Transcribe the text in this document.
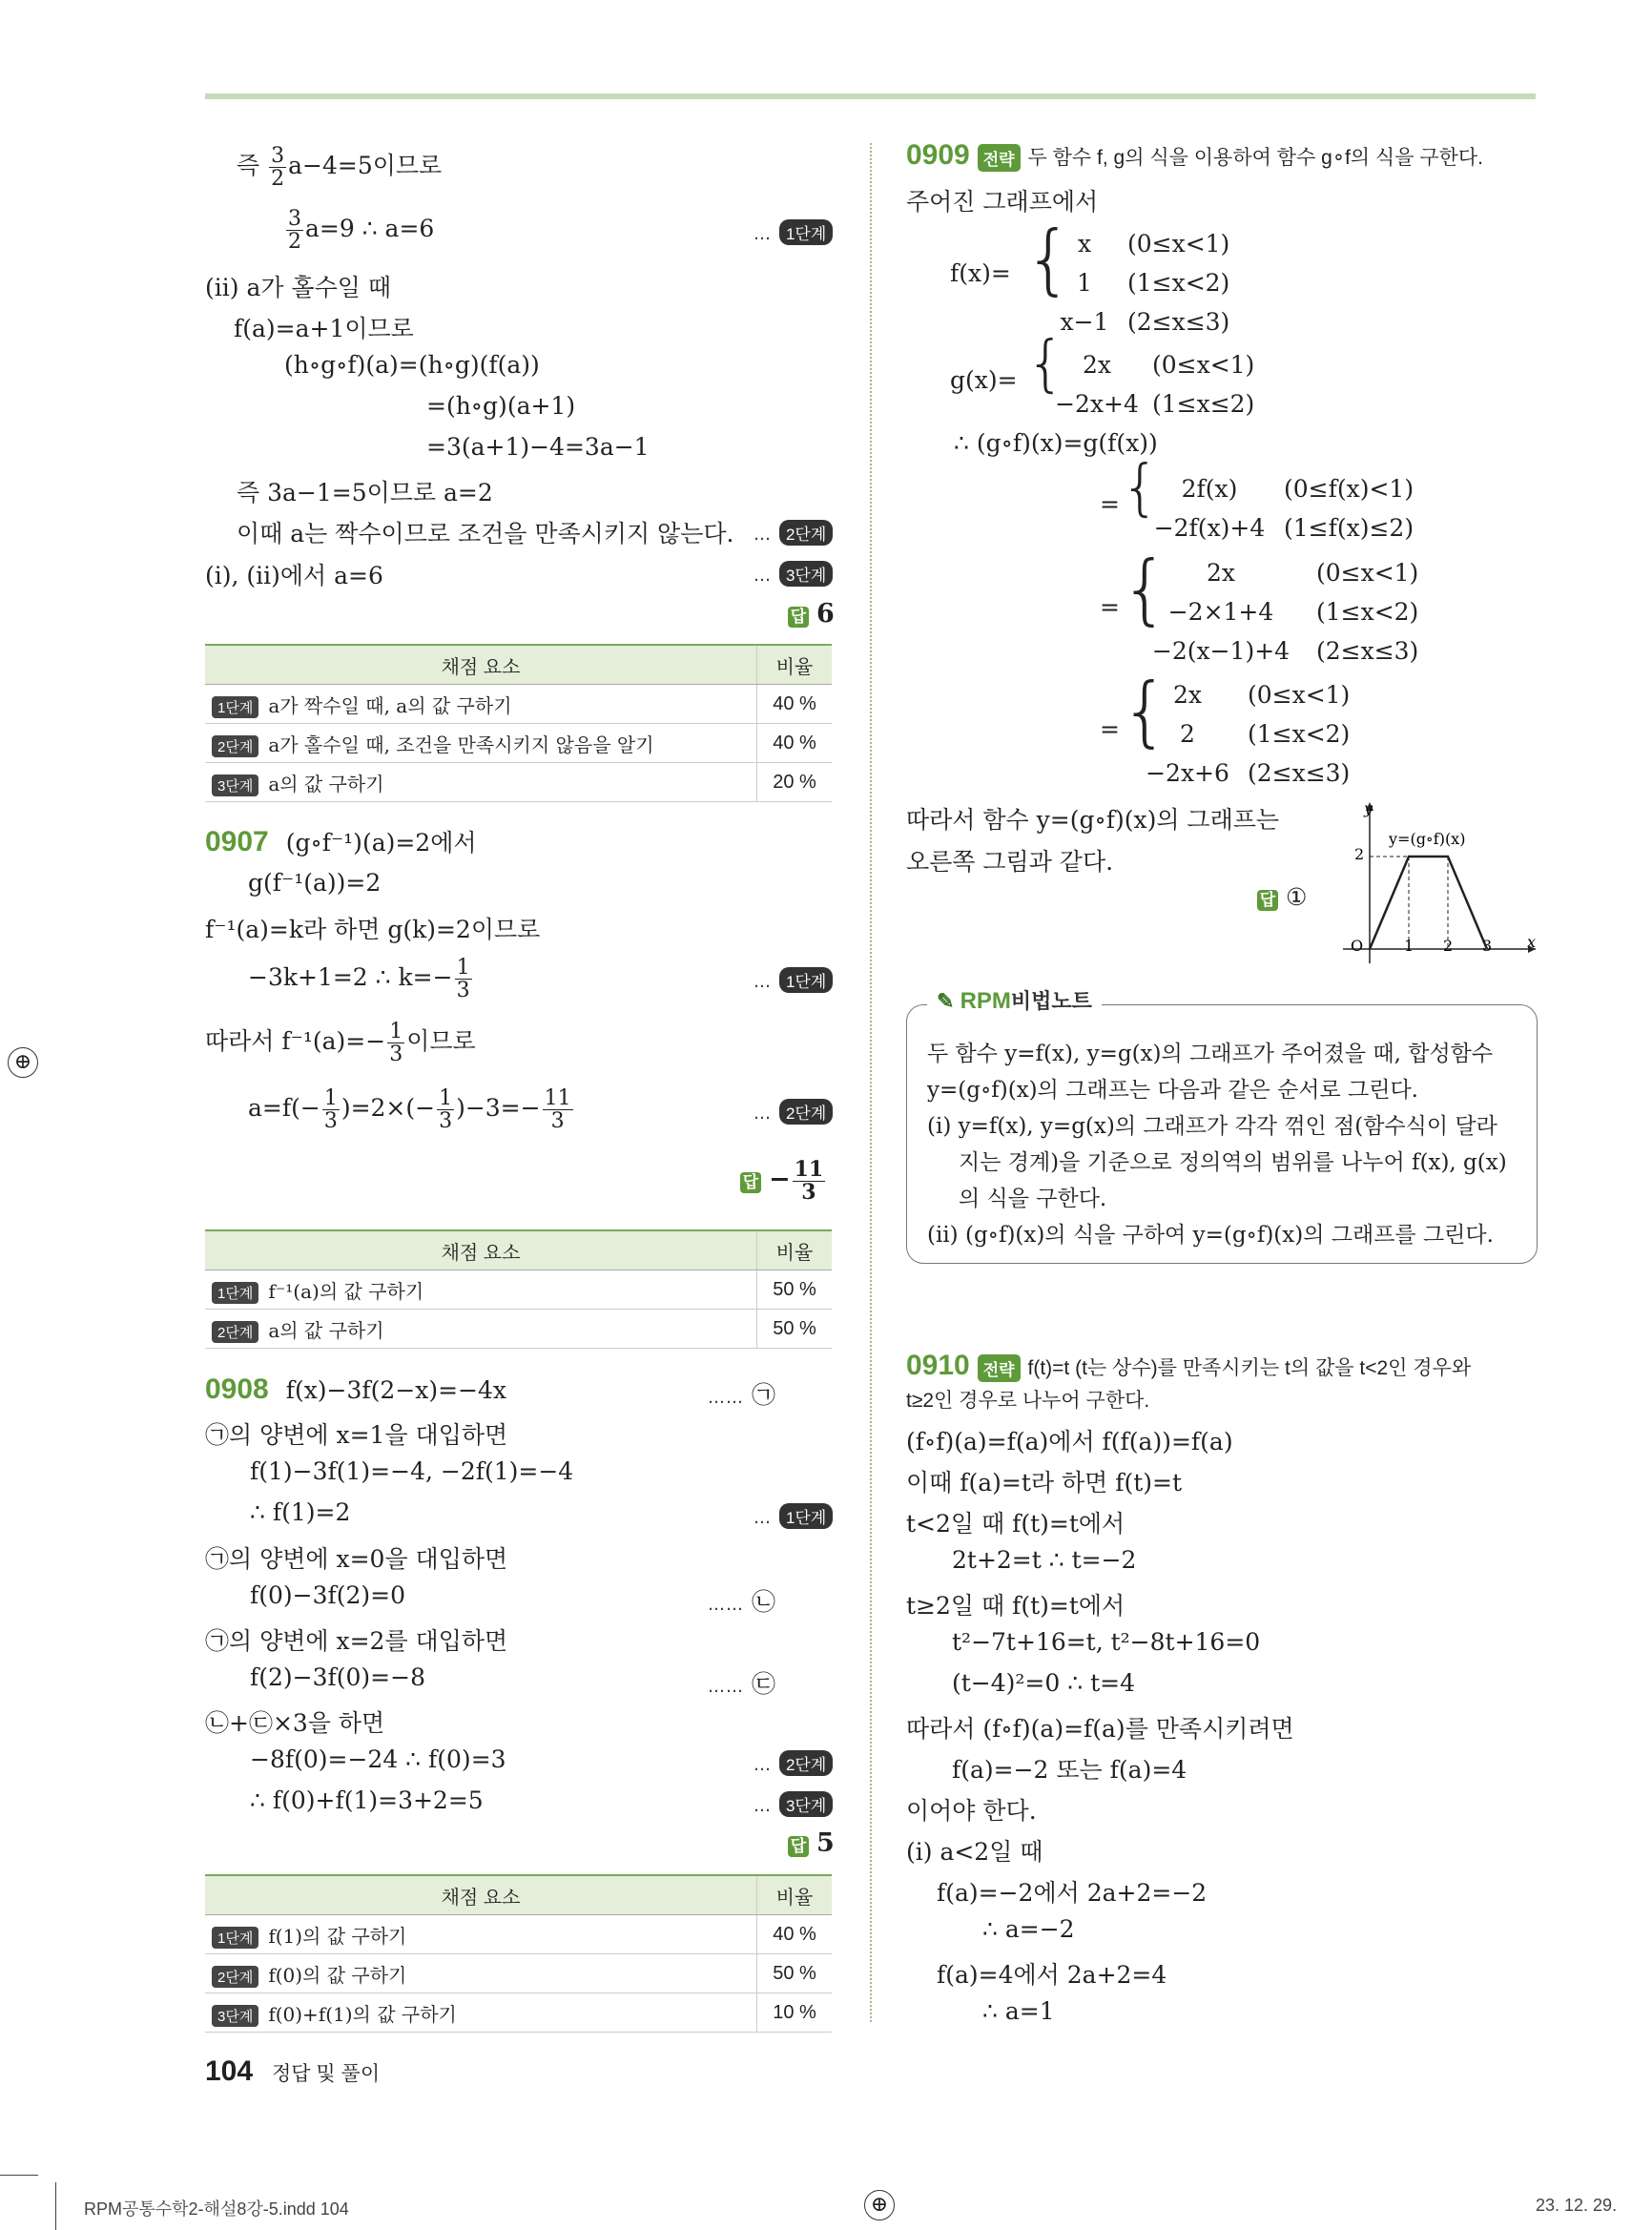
즉 $\frac{3}{2} a-4=5$이므로
$\frac{3}{2} a=9$ ∴ a=6	… 1단계
(ⅱ) a가 홀수일 때
f(a)=a+1이므로
(h∘g∘f)(a)=(h∘g)(f(a))
=(h∘g)(a+1)
=3(a+1)−4=3a−1
즉 3a−1=5이므로 a=2
이때 a는 짝수이므로 조건을 만족시키지 않는다. … 2단계
(ⅰ), (ⅱ)에서 a=6	… 3단계
답 6
채점 요소	비율
1단계 a가 짝수일 때, a의 값 구하기	40 %
2단계 a가 홀수일 때, 조건을 만족시키지 않음을 알기	40 %
3단계 a의 값 구하기	20 %
0907 (g∘f⁻¹)(a)=2에서
g(f⁻¹(a))=2
f⁻¹(a)=k라 하면 g(k)=2이므로
−3k+1=2 ∴ $k=- \frac{1}{3}$	… 1단계
따라서 $f^{-1}(a)=- \frac{1}{3}$ 이므로
$a=f(- \frac{1}{3} )=2\times(- \frac{1}{3} )-3=- \frac{11}{3}$	… 2단계
답 − $\frac{11}{3}$
채점 요소	비율
1단계 f⁻¹(a)의 값 구하기	50 %
2단계 a의 값 구하기	50 %
0908 f(x)−3f(2−x)=−4x	…… ㉠
㉠의 양변에 x=1을 대입하면
f(1)−3f(1)=−4, −2f(1)=−4
∴ f(1)=2	… 1단계
㉠의 양변에 x=0을 대입하면
f(0)−3f(2)=0	…… ㉡
㉠의 양변에 x=2를 대입하면
f(2)−3f(0)=−8	…… ㉢
㉡+㉢×3을 하면
−8f(0)=−24 ∴ f(0)=3	… 2단계
∴ f(0)+f(1)=3+2=5	… 3단계
답 5
채점 요소	비율
1단계 f(1)의 값 구하기	40 %
2단계 f(0)의 값 구하기	50 %
3단계 f(0)+f(1)의 값 구하기	10 %
0909 전략 두 함수 f, g의 식을 이용하여 함수 g∘f의 식을 구한다.
주어진 그래프에서
f(x)= { x (0≤x<1)
1 (1≤x<2)
x−1 (2≤x≤3)
g(x)= { 2x (0≤x<1)
−2x+4 (1≤x≤2)
∴ (g∘f)(x)=g(f(x))
= { 2f(x) (0≤f(x)<1)
−2f(x)+4 (1≤f(x)≤2)
= {	2x	(0≤x<1)
−2×1+4 (1≤x<2)
−2(x−1)+4 (2≤x≤3)
= { 2x (0≤x<1)
2 (1≤x<2)
−2x+6 (2≤x≤3)
따라서 함수 y=(g∘f)(x)의 그래프는
오른쪽 그림과 같다.
답 ①
y
x
2
O	1 2 3
y=(g∘f)(x)
✎ RPM비법노트
두 함수 y=f(x), y=g(x)의 그래프가 주어졌을 때, 합성함수
y=(g∘f)(x)의 그래프는 다음과 같은 순서로 그린다.
(ⅰ) y=f(x), y=g(x)의 그래프가 각각 꺾인 점(함수식이 달라
지는 경계)을 기준으로 정의역의 범위를 나누어 f(x), g(x)
의 식을 구한다.
(ⅱ) (g∘f)(x)의 식을 구하여 y=(g∘f)(x)의 그래프를 그린다.
0910 전략 f(t)=t (t는 상수)를 만족시키는 t의 값을 t<2인 경우와
t≥2인 경우로 나누어 구한다.
(f∘f)(a)=f(a)에서 f(f(a))=f(a)
이때 f(a)=t라 하면 f(t)=t
t<2일 때 f(t)=t에서
2t+2=t ∴ t=−2
t≥2일 때 f(t)=t에서
t²−7t+16=t, t²−8t+16=0
(t−4)²=0 ∴ t=4
따라서 (f∘f)(a)=f(a)를 만족시키려면
f(a)=−2 또는 f(a)=4
이어야 한다.
(ⅰ) a<2일 때
f(a)=−2에서 2a+2=−2
∴ a=−2
f(a)=4에서 2a+2=4
∴ a=1
104 정답 및 풀이
⊕
⊕
RPM공통수학2-해설8강-5.indd 104	23. 12. 29.
